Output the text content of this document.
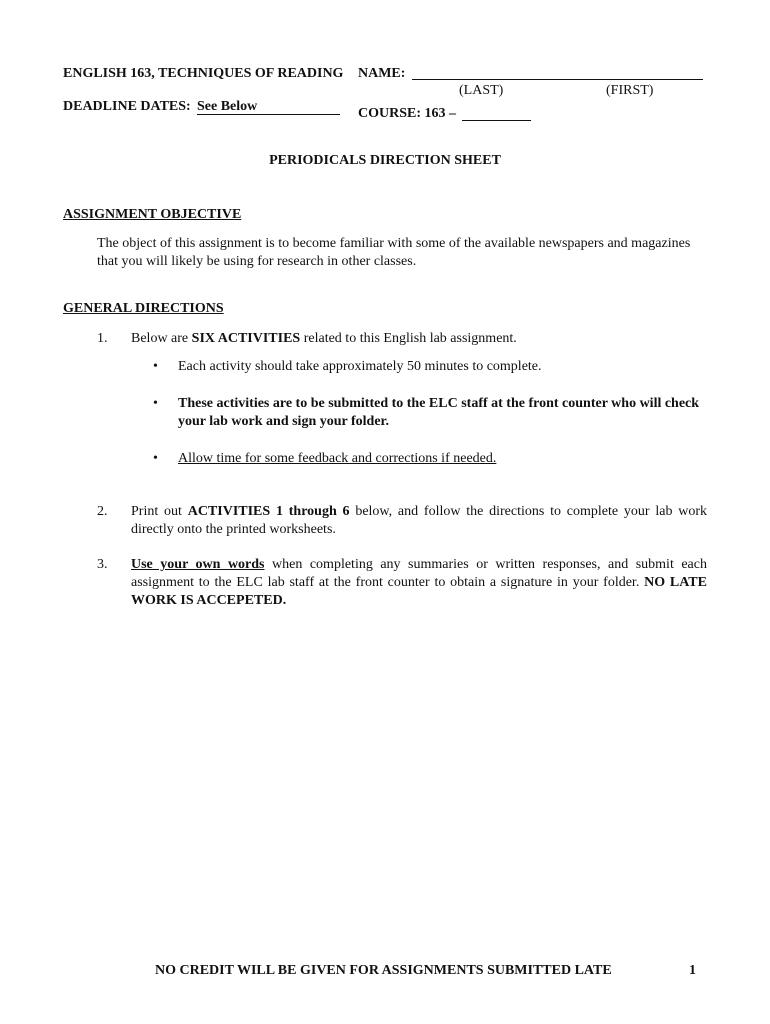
ENGLISH 163, TECHNIQUES OF READING NAME:
(LAST)	(FIRST)
DEADLINE DATES: See Below	COURSE: 163 –
PERIODICALS DIRECTION SHEET
ASSIGNMENT OBJECTIVE
The object of this assignment is to become familiar with some of the available newspapers and magazines that you will likely be using for research in other classes.
GENERAL DIRECTIONS
1. Below are SIX ACTIVITIES related to this English lab assignment.
• Each activity should take approximately 50 minutes to complete.
• These activities are to be submitted to the ELC staff at the front counter who will check your lab work and sign your folder.
• Allow time for some feedback and corrections if needed.
2. Print out ACTIVITIES 1 through 6 below, and follow the directions to complete your lab work directly onto the printed worksheets.
3. Use your own words when completing any summaries or written responses, and submit each assignment to the ELC lab staff at the front counter to obtain a signature in your folder. NO LATE WORK IS ACCEPETED.
NO CREDIT WILL BE GIVEN FOR ASSIGNMENTS SUBMITTED LATE	1
